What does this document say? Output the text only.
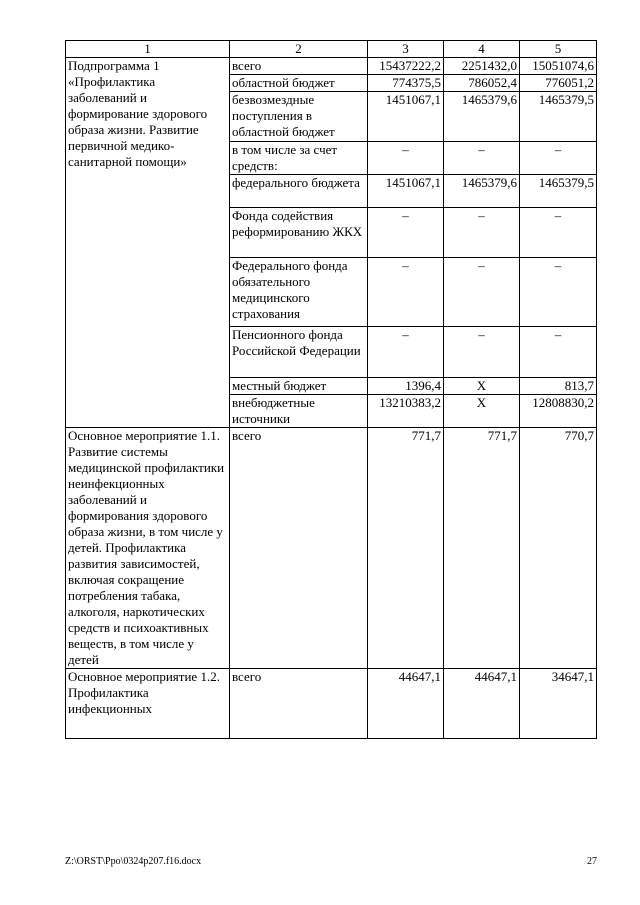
1	2	3	4	5
Подпрограмма 1 «Профилактика заболеваний и формирование здорового образа жизни. Развитие первичной медико-санитарной помощи»	всего	15437222,2	2251432,0	15051074,6
	областной бюджет	774375,5	786052,4	776051,2
	безвозмездные поступления в областной бюджет	1451067,1	1465379,6	1465379,5
	в том числе за счет средств:	–	–	–
	федерального бюджета	1451067,1	1465379,6	1465379,5
	Фонда содействия реформированию ЖКХ	–	–	–
	Федерального фонда обязательного медицинского страхования	–	–	–
	Пенсионного фонда Российской Федерации	–	–	–
	местный бюджет	1396,4	Х	813,7
	внебюджетные источники	13210383,2	Х	12808830,2
Основное мероприятие 1.1. Развитие системы медицинской профилактики неинфекционных заболеваний и формирования здорового образа жизни, в том числе у детей. Профилактика развития зависимостей, включая сокращение потребления табака, алкоголя, наркотических средств и психоактивных веществ, в том числе у детей	всего	771,7	771,7	770,7
Основное мероприятие 1.2. Профилактика инфекционных	всего	44647,1	44647,1	34647,1
Z:\ORST\Ppo\0324p207.f16.docx	27
